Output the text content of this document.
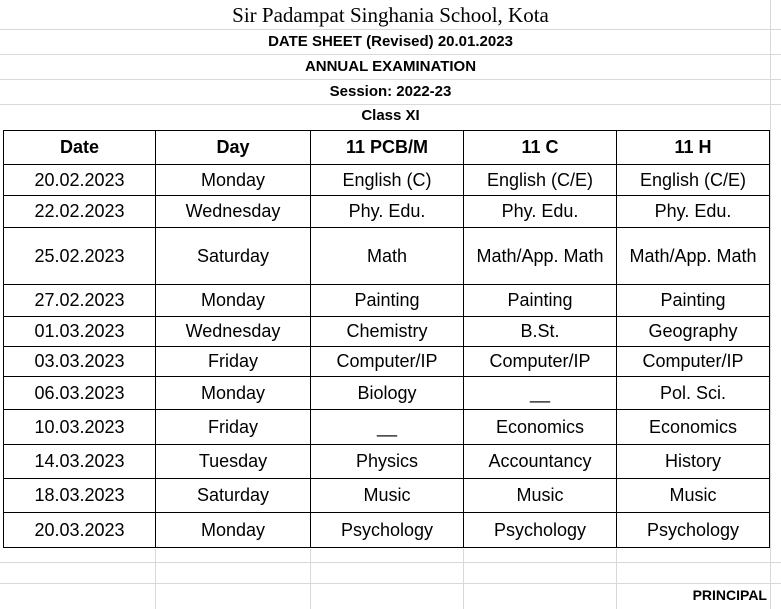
Sir Padampat Singhania School, Kota
DATE SHEET (Revised) 20.01.2023
ANNUAL EXAMINATION
Session: 2022-23
Class XI
Date	Day	11 PCB/M	11 C	11 H
20.02.2023	Monday	English (C)	English (C/E)	English (C/E)
22.02.2023	Wednesday	Phy. Edu.	Phy. Edu.	Phy. Edu.
25.02.2023	Saturday	Math	Math/App. Math	Math/App. Math
27.02.2023	Monday	Painting	Painting	Painting
01.03.2023	Wednesday	Chemistry	B.St.	Geography
03.03.2023	Friday	Computer/IP	Computer/IP	Computer/IP
06.03.2023	Monday	Biology	__	Pol. Sci.
10.03.2023	Friday	__	Economics	Economics
14.03.2023	Tuesday	Physics	Accountancy	History
18.03.2023	Saturday	Music	Music	Music
20.03.2023	Monday	Psychology	Psychology	Psychology
PRINCIPAL
